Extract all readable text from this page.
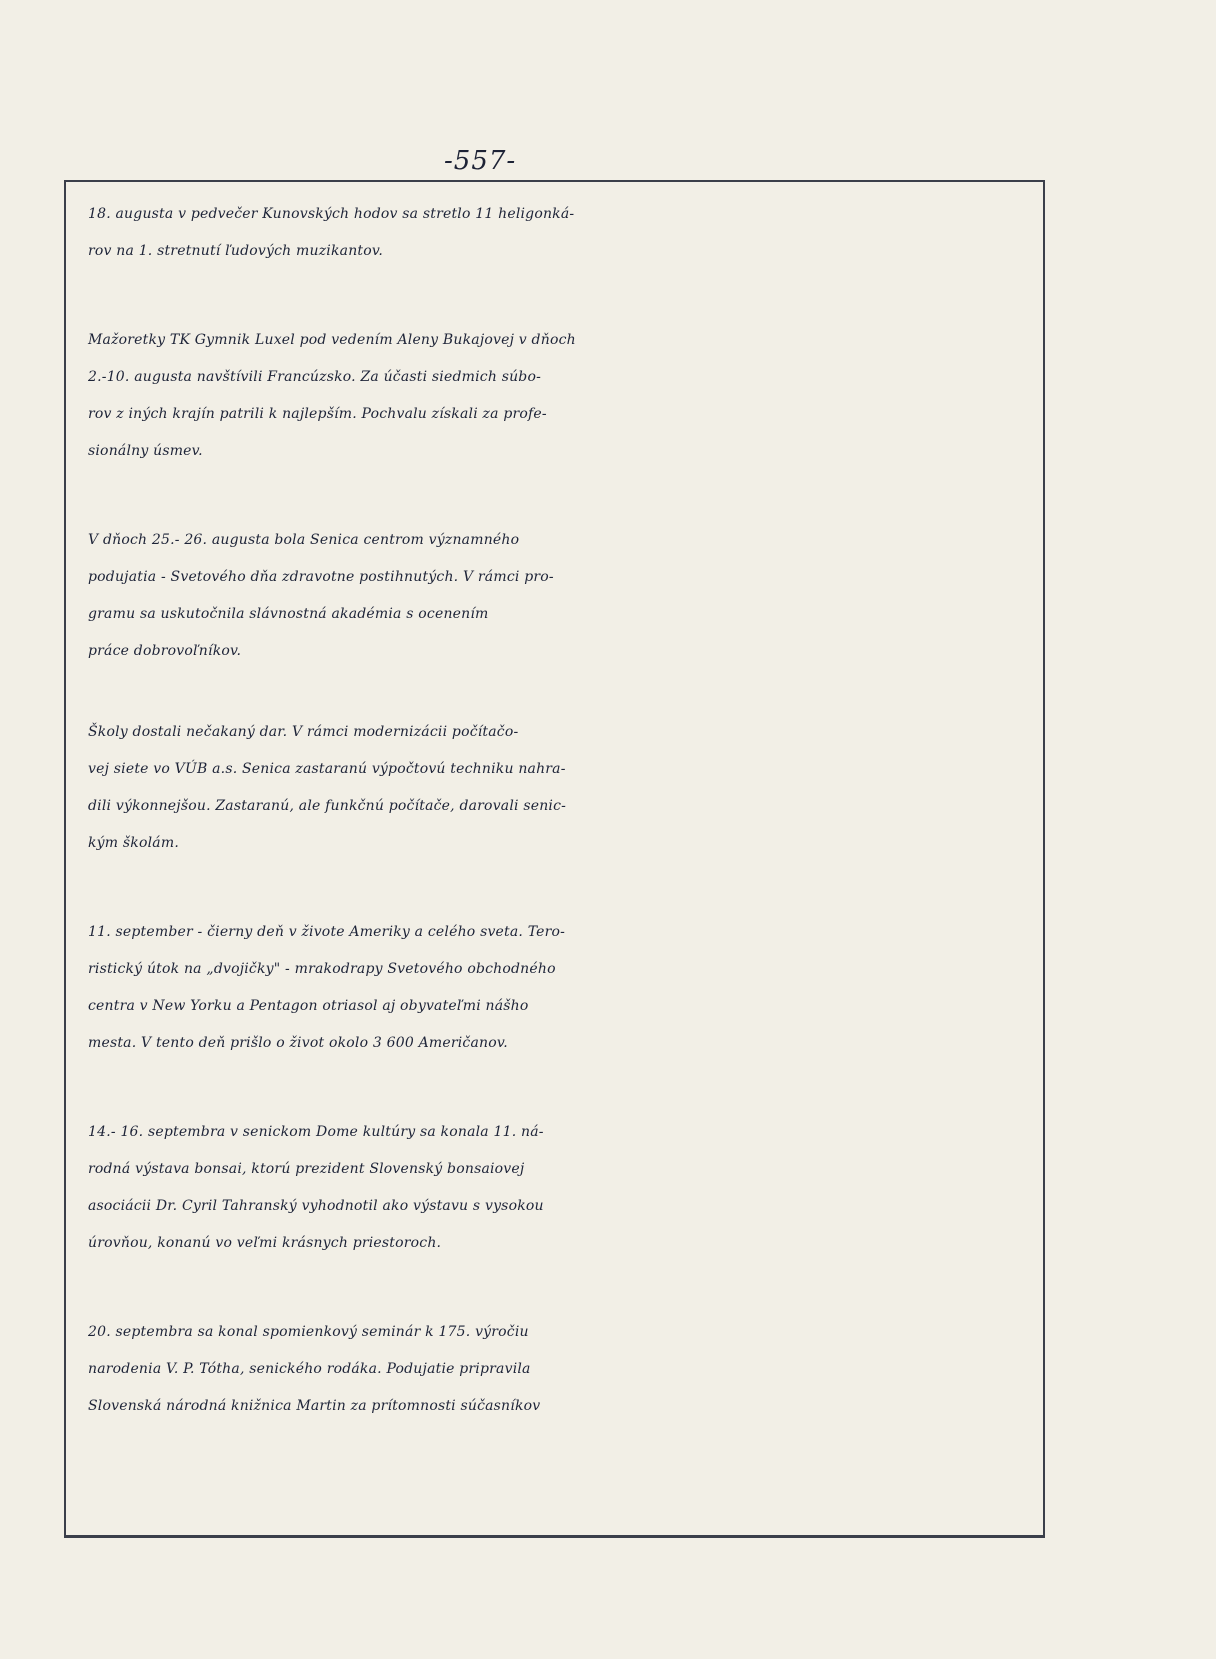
-557-
18. augusta v pedvečer Kunovských hodov sa stretlo 11 heligonká-
rov na 1. stretnutí ľudových muzikantov.
Mažoretky TK Gymnik Luxel pod vedením Aleny Bukajovej v dňoch
2.-10. augusta navštívili Francúzsko. Za účasti siedmich súbo-
rov z iných krajín patrili k najlepším. Pochvalu získali za profe-
sionálny úsmev.
V dňoch 25.- 26. augusta bola Senica centrom významného
podujatia - Svetového dňa zdravotne postihnutých. V rámci pro-
gramu sa uskutočnila slávnostná akadémia s ocenením
práce dobrovoľníkov.
Školy dostali nečakaný dar. V rámci modernizácii počítačo-
vej siete vo VÚB a.s. Senica zastaranú výpočtovú techniku nahra-
dili výkonnejšou. Zastaranú, ale funkčnú počítače, darovali senic-
kým školám.
11. september - čierny deň v živote Ameriky a celého sveta. Tero-
ristický útok na „dvojičky" - mrakodrapy Svetového obchodného
centra v New Yorku a Pentagon otriasol aj obyvateľmi nášho
mesta. V tento deň prišlo o život okolo 3 600 Američanov.
14.- 16. septembra v senickom Dome kultúry sa konala 11. ná-
rodná výstava bonsai, ktorú prezident Slovenský bonsaiovej
asociácii Dr. Cyril Tahranský vyhodnotil ako výstavu s vysokou
úrovňou, konanú vo veľmi krásnych priestoroch.
20. septembra sa konal spomienkový seminár k 175. výročiu
narodenia V. P. Tótha, senického rodáka. Podujatie pripravila
Slovenská národná knižnica Martin za prítomnosti súčasníkov
